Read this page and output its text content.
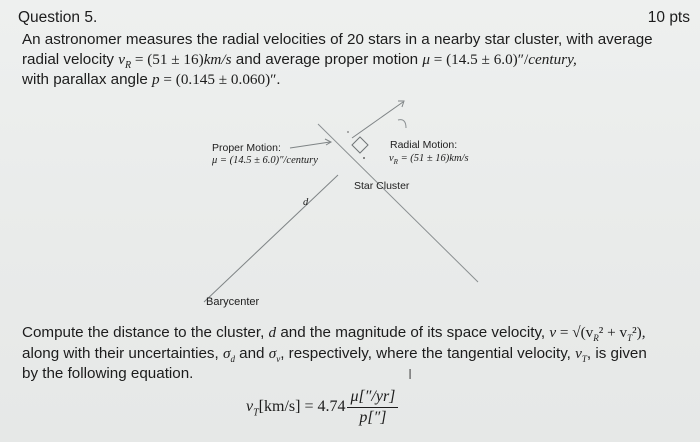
Question 5.	10 pts
An astronomer measures the radial velocities of 20 stars in a nearby star cluster, with average
radial velocity $v_R = (51 \pm 16)km/s$ and average proper motion μ = (14.5 ± 6.0)″/century,
with parallax angle p = (0.145 ± 0.060)″.
Proper Motion:
μ = (14.5 ± 6.0)″/century
Radial Motion:
$v_R = (51 \pm 16)km/s$
Star Cluster
d
Barycenter
Compute the distance to the cluster, d and the magnitude of its space velocity, $v = √(v_R^2 + v_T^2)$,
along with their uncertainties, $\sigma_d$ and $\sigma_v$, respectively, where the tangential velocity, $v_T$, is given
by the following equation.	I
$v_T[km/s] = 4.74 \frac{\mu[''/yr]}{p['']}$
